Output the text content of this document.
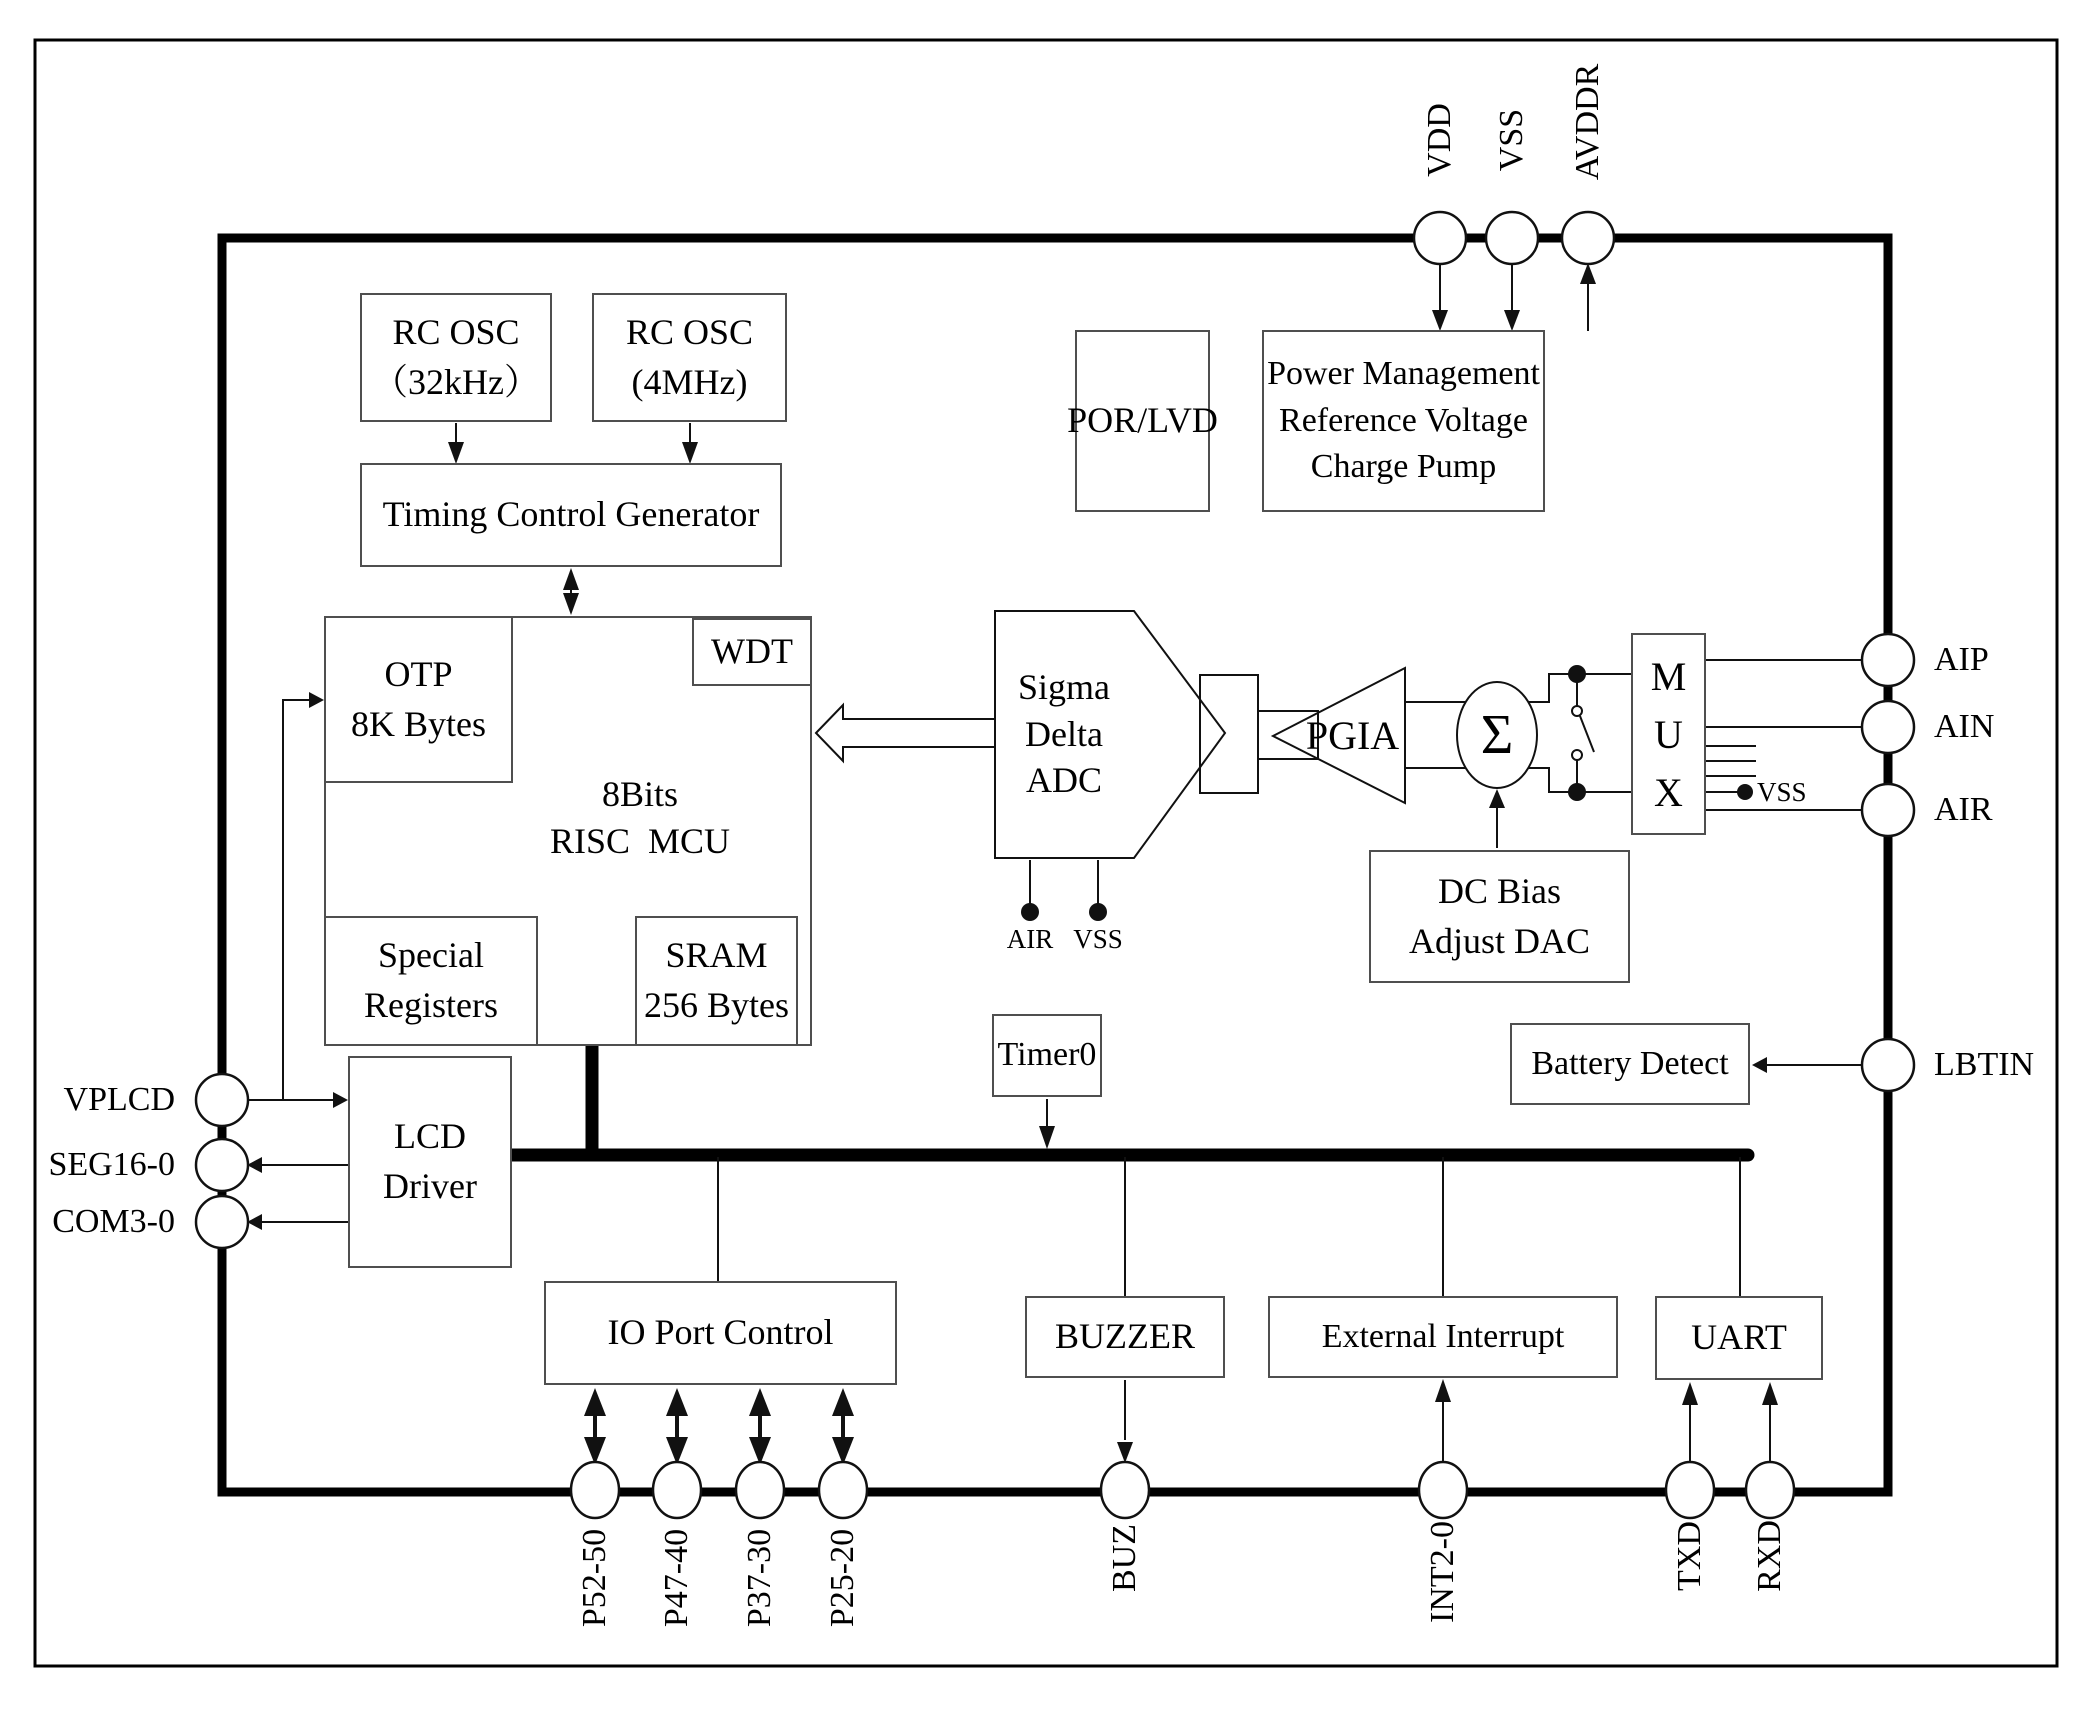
RC OSC
（32kHz）
RC OSC
(4MHz)
Timing Control Generator
POR/LVD
Power Management
Reference Voltage
Charge Pump
OTP
8K Bytes
WDT
8Bits
RISC  MCU
Special
Registers
SRAM
256 Bytes
Sigma
Delta
ADC
PGIA Σ
M
U
X
DC Bias
Adjust DAC
Timer0	Battery Detect
LCD
Driver
IO Port Control	BUZZER	External Interrupt	UART
VDD VSS AVDDR
AIP
AIN
AIR
LBTIN
VPLCD
SEG16-0
COM3-0
P52-50 P47-40 P37-30 P25-20	BUZ	INT2-0	TXD RXD
AIR VSS
VSS
